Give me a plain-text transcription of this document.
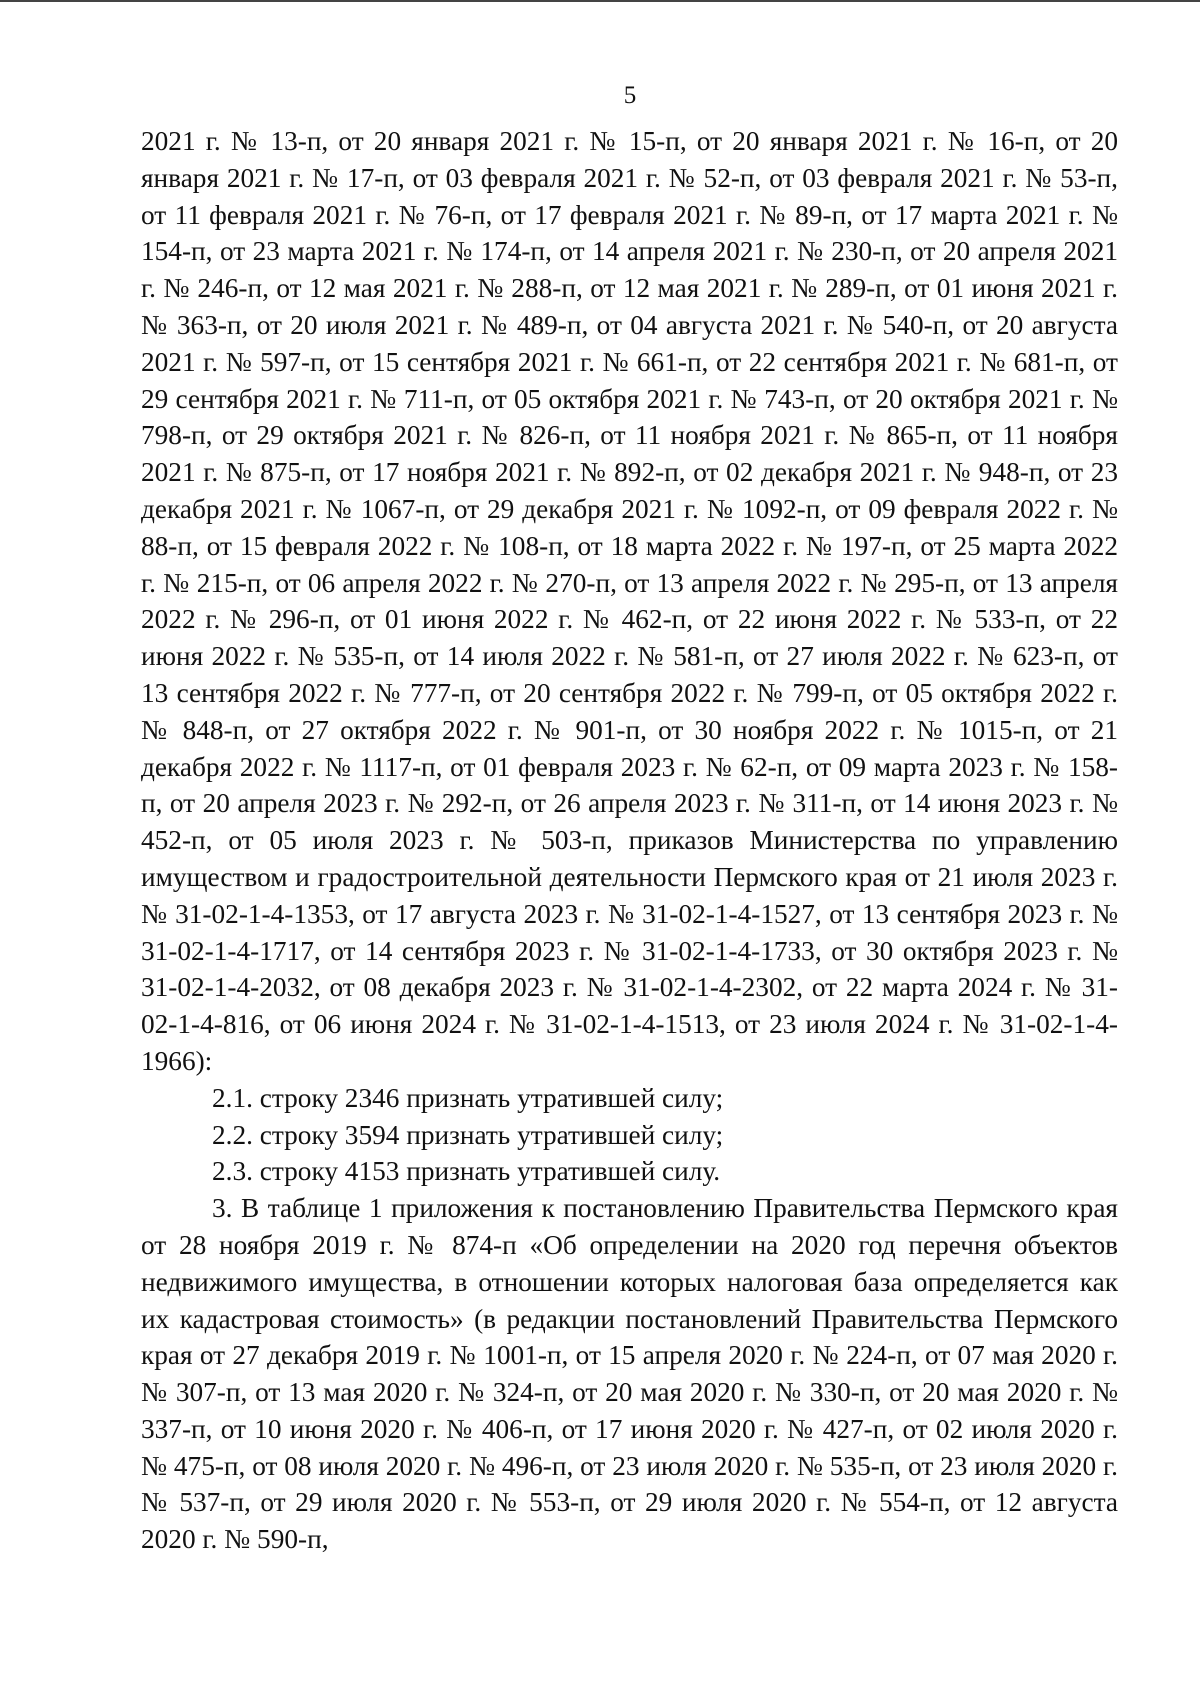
5

2021 г. № 13-п, от 20 января 2021 г. № 15-п, от 20 января 2021 г. № 16-п, от 20 января 2021 г. № 17-п, от 03 февраля 2021 г. № 52-п, от 03 февраля 2021 г. № 53-п, от 11 февраля 2021 г. № 76-п, от 17 февраля 2021 г. № 89-п, от 17 марта 2021 г. № 154-п, от 23 марта 2021 г. № 174-п, от 14 апреля 2021 г. № 230-п, от 20 апреля 2021 г. № 246-п, от 12 мая 2021 г. № 288-п, от 12 мая 2021 г. № 289-п, от 01 июня 2021 г. № 363-п, от 20 июля 2021 г. № 489-п, от 04 августа 2021 г. № 540-п, от 20 августа 2021 г. № 597-п, от 15 сентября 2021 г. № 661-п, от 22 сентября 2021 г. № 681-п, от 29 сентября 2021 г. № 711-п, от 05 октября 2021 г. № 743-п, от 20 октября 2021 г. № 798-п, от 29 октября 2021 г. № 826-п, от 11 ноября 2021 г. № 865-п, от 11 ноября 2021 г. № 875-п, от 17 ноября 2021 г. № 892-п, от 02 декабря 2021 г. № 948-п, от 23 декабря 2021 г. № 1067-п, от 29 декабря 2021 г. № 1092-п, от 09 февраля 2022 г. № 88-п, от 15 февраля 2022 г. № 108-п, от 18 марта 2022 г. № 197-п, от 25 марта 2022 г. № 215-п, от 06 апреля 2022 г. № 270-п, от 13 апреля 2022 г. № 295-п, от 13 апреля 2022 г. № 296-п, от 01 июня 2022 г. № 462-п, от 22 июня 2022 г. № 533-п, от 22 июня 2022 г. № 535-п, от 14 июля 2022 г. № 581-п, от 27 июля 2022 г. № 623-п, от 13 сентября 2022 г. № 777-п, от 20 сентября 2022 г. № 799-п, от 05 октября 2022 г. № 848-п, от 27 октября 2022 г. № 901-п, от 30 ноября 2022 г. № 1015-п, от 21 декабря 2022 г. № 1117-п, от 01 февраля 2023 г. № 62-п, от 09 марта 2023 г. № 158-п, от 20 апреля 2023 г. № 292-п, от 26 апреля 2023 г. № 311-п, от 14 июня 2023 г. № 452-п, от 05 июля 2023 г. № 503-п, приказов Министерства по управлению имуществом и градостроительной деятельности Пермского края от 21 июля 2023 г. № 31-02-1-4-1353, от 17 августа 2023 г. № 31-02-1-4-1527, от 13 сентября 2023 г. № 31-02-1-4-1717, от 14 сентября 2023 г. № 31-02-1-4-1733, от 30 октября 2023 г. № 31-02-1-4-2032, от 08 декабря 2023 г. № 31-02-1-4-2302, от 22 марта 2024 г. № 31-02-1-4-816, от 06 июня 2024 г. № 31-02-1-4-1513, от 23 июля 2024 г. № 31-02-1-4-1966):

2.1. строку 2346 признать утратившей силу;

2.2. строку 3594 признать утратившей силу;

2.3. строку 4153 признать утратившей силу.

3. В таблице 1 приложения к постановлению Правительства Пермского края от 28 ноября 2019 г. № 874-п «Об определении на 2020 год перечня объектов недвижимого имущества, в отношении которых налоговая база определяется как их кадастровая стоимость» (в редакции постановлений Правительства Пермского края от 27 декабря 2019 г. № 1001-п, от 15 апреля 2020 г. № 224-п, от 07 мая 2020 г. № 307-п, от 13 мая 2020 г. № 324-п, от 20 мая 2020 г. № 330-п, от 20 мая 2020 г. № 337-п, от 10 июня 2020 г. № 406-п, от 17 июня 2020 г. № 427-п, от 02 июля 2020 г. № 475-п, от 08 июля 2020 г. № 496-п, от 23 июля 2020 г. № 535-п, от 23 июля 2020 г. № 537-п, от 29 июля 2020 г. № 553-п, от 29 июля 2020 г. № 554-п, от 12 августа 2020 г. № 590-п,
